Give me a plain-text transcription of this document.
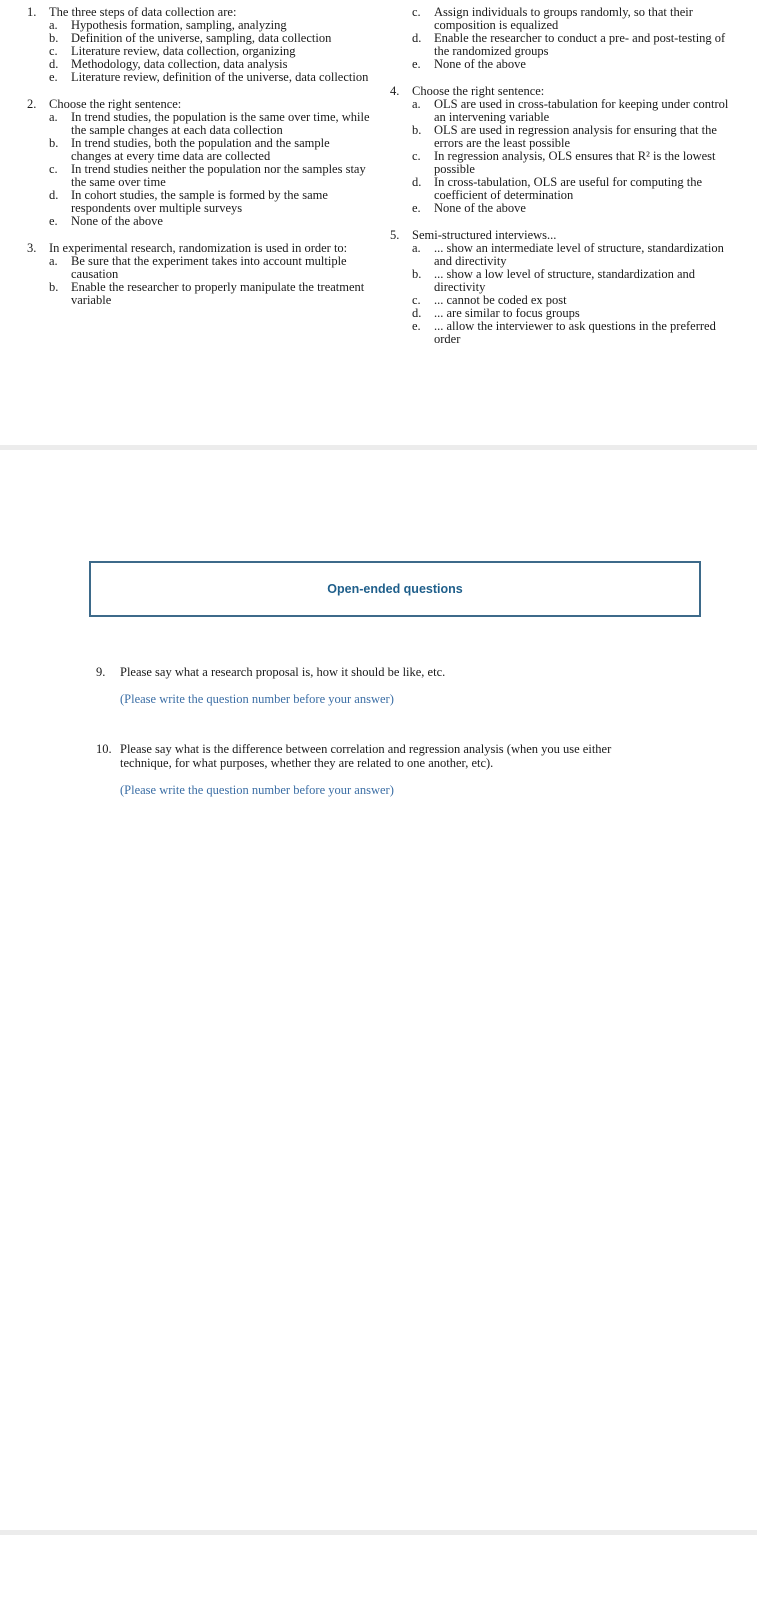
1.	The three steps of data collection are:
a.	Hypothesis formation, sampling, analyzing
b.	Definition of the universe, sampling, data collection
c.	Literature review, data collection, organizing
d.	Methodology, data collection, data analysis
e.	Literature review, definition of the universe, data collection
2.	Choose the right sentence:
a.	In trend studies, the population is the same over time, while the sample changes at each data collection
b.	In trend studies, both the population and the sample changes at every time data are collected
c.	In trend studies neither the population nor the samples stay the same over time
d.	In cohort studies, the sample is formed by the same respondents over multiple surveys
e.	None of the above
3.	In experimental research, randomization is used in order to:
a.	Be sure that the experiment takes into account multiple causation
b.	Enable the researcher to properly manipulate the treatment variable
c.	Assign individuals to groups randomly, so that their composition is equalized
d.	Enable the researcher to conduct a pre- and post-testing of the randomized groups
e.	None of the above
4.	Choose the right sentence:
a.	OLS are used in cross-tabulation for keeping under control an intervening variable
b.	OLS are used in regression analysis for ensuring that the errors are the least possible
c.	In regression analysis, OLS ensures that R² is the lowest possible
d.	In cross-tabulation, OLS are useful for computing the coefficient of determination
e.	None of the above
5.	Semi-structured interviews...
a.	... show an intermediate level of structure, standardization and directivity
b.	... show a low level of structure, standardization and directivity
c.	... cannot be coded ex post
d.	... are similar to focus groups
e.	... allow the interviewer to ask questions in the preferred order
Open-ended questions
9.	Please say what a research proposal is, how it should be like, etc.
(Please write the question number before your answer)
10. Please say what is the difference between correlation and regression analysis (when you use either technique, for what purposes, whether they are related to one another, etc).
(Please write the question number before your answer)
